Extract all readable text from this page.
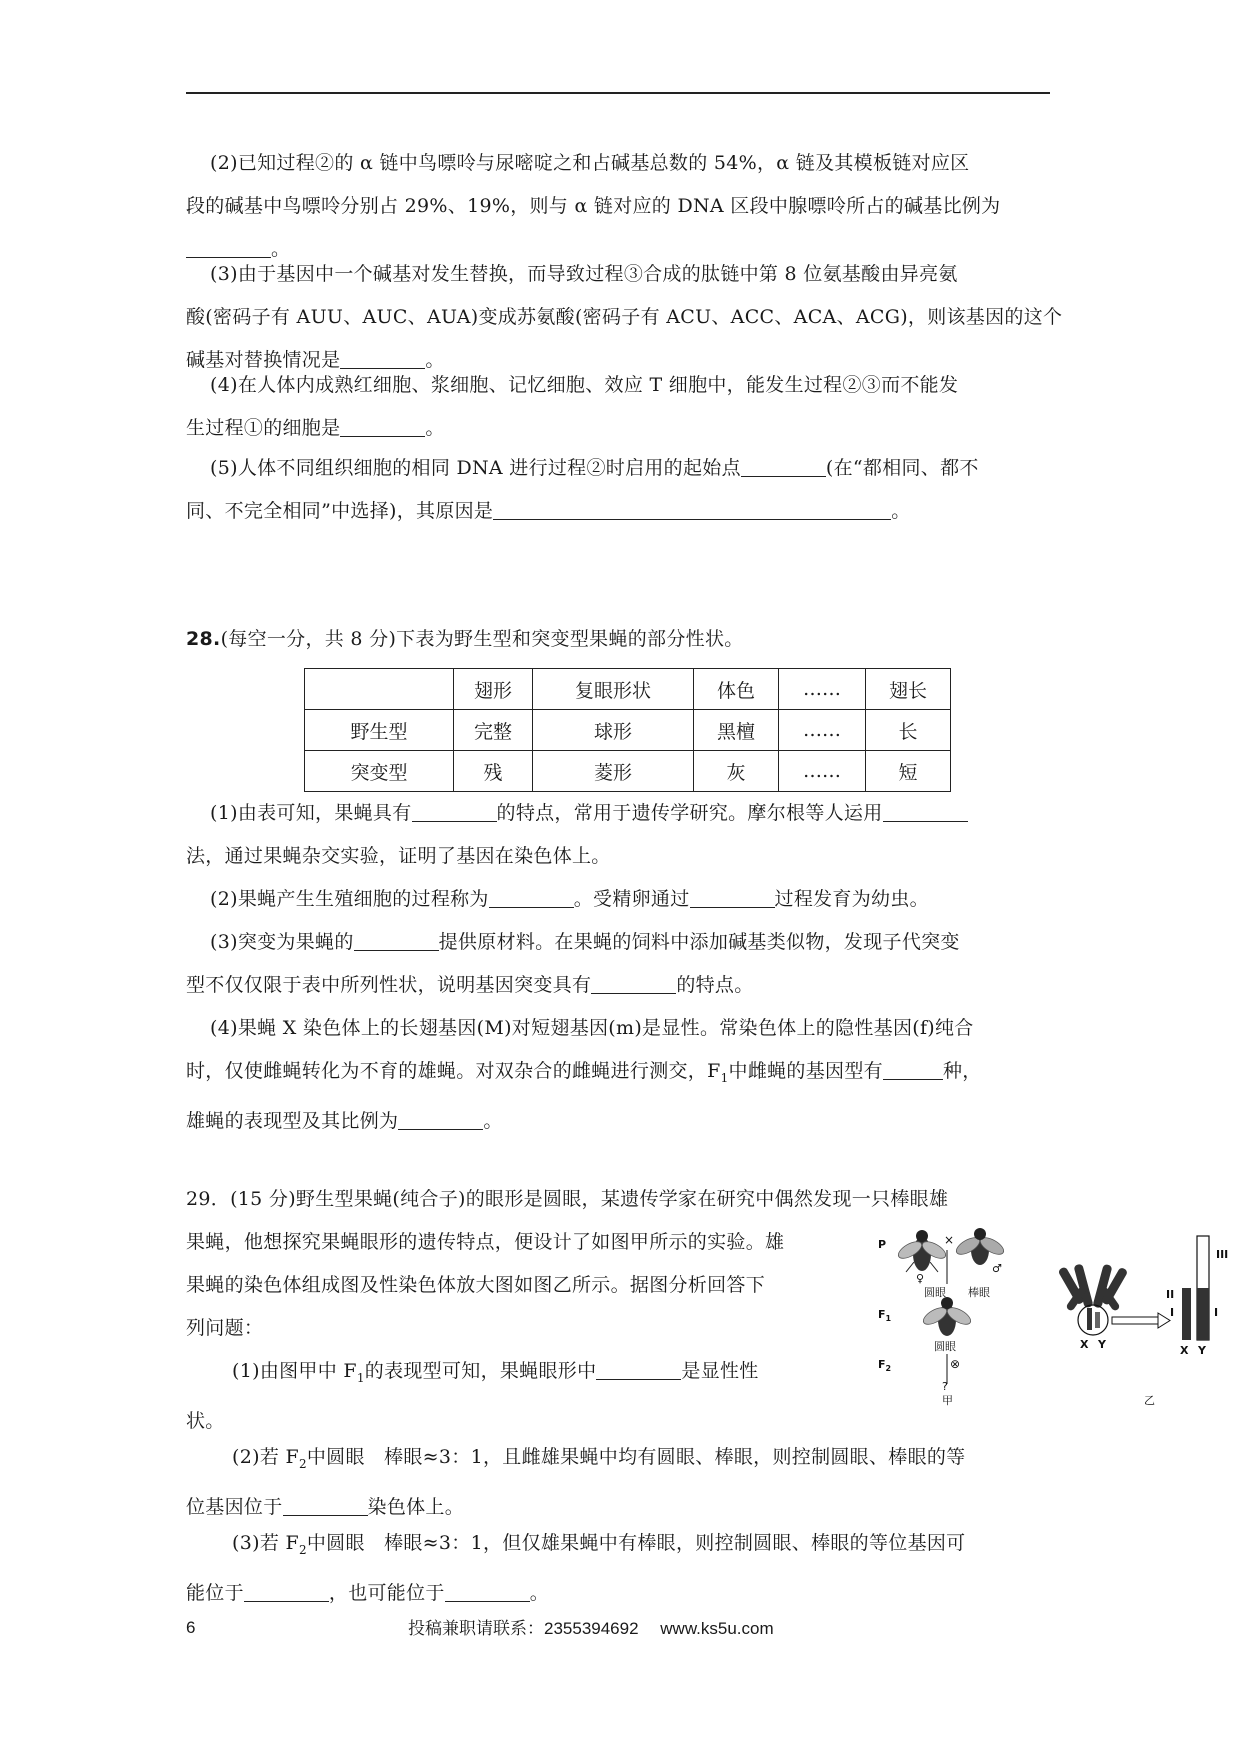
(2)已知过程②的 α 链中鸟嘌呤与尿嘧啶之和占碱基总数的 54%，α 链及其模板链对应区
段的碱基中鸟嘌呤分别占 29%、19%，则与 α 链对应的 DNA 区段中腺嘌呤所占的碱基比例为
。
(3)由于基因中一个碱基对发生替换，而导致过程③合成的肽链中第 8 位氨基酸由异亮氨
酸(密码子有 AUU、AUC、AUA)变成苏氨酸(密码子有 ACU、ACC、ACA、ACG)，则该基因的这个
碱基对替换情况是	。
(4)在人体内成熟红细胞、浆细胞、记忆细胞、效应 T 细胞中，能发生过程②③而不能发
生过程①的细胞是	。
(5)人体不同组织细胞的相同 DNA 进行过程②时启用的起始点	(在“都相同、都不
同、不完全相同”中选择)，其原因是	。
28.(每空一分，共 8 分)下表为野生型和突变型果蝇的部分性状。
	翅形	复眼形状	体色	……	翅长
野生型	完整	球形	黑檀	……	长
突变型	残	菱形	灰	……	短
(1)由表可知，果蝇具有	的特点，常用于遗传学研究。摩尔根等人运用
法，通过果蝇杂交实验，证明了基因在染色体上。
(2)果蝇产生生殖细胞的过程称为	。受精卵通过	过程发育为幼虫。
(3)突变为果蝇的	提供原材料。在果蝇的饲料中添加碱基类似物，发现子代突变
型不仅仅限于表中所列性状，说明基因突变具有	的特点。
(4)果蝇 X 染色体上的长翅基因(M)对短翅基因(m)是显性。常染色体上的隐性基因(f)纯合
时，仅使雌蝇转化为不育的雄蝇。对双杂合的雌蝇进行测交，$F_1$中雌蝇的基因型有	种，
雄蝇的表现型及其比例为	。
29．(15 分)野生型果蝇(纯合子)的眼形是圆眼，某遗传学家在研究中偶然发现一只棒眼雄
果蝇，他想探究果蝇眼形的遗传特点，便设计了如图甲所示的实验。雄
果蝇的染色体组成图及性染色体放大图如图乙所示。据图分析回答下
列问题：
(1)由图甲中 $F_1$的表现型可知，果蝇眼形中	是显性性
状。
(2)若 $F_2$中圆眼　棒眼≈3：1，且雌雄果蝇中均有圆眼、棒眼，则控制圆眼、棒眼的等
位基因位于	染色体上。
(3)若 $F_2$中圆眼　棒眼≈3：1，但仅雄果蝇中有棒眼，则控制圆眼、棒眼的等位基因可
能位于	，也可能位于	。
P	×
♀
♂
圆眼 棒眼
$F_1$
圆眼
⊗
$F_2$
?
甲
X Y
III
II
I	I
X Y
乙
6	投稿兼职请联系：2355394692　 www.ks5u.com
